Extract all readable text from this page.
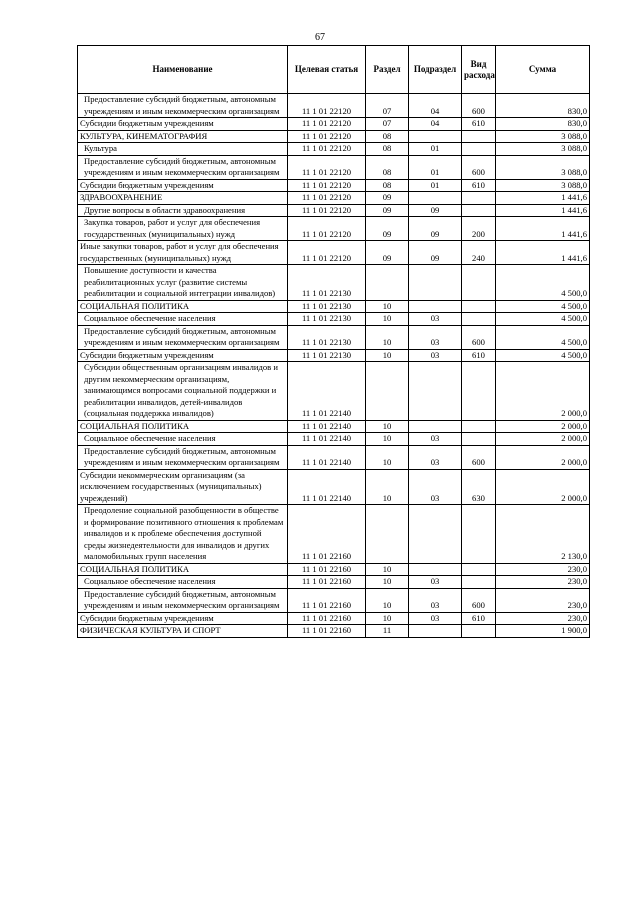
67
Наименование	Целевая статья	Раздел	Подраздел	Вид расхода	Сумма
Предоставление субсидий бюджетным, автономным учреждениям и иным некоммерческим организациям	11 1 01 22120	07	04	600	830,0
Субсидии бюджетным учреждениям	11 1 01 22120	07	04	610	830,0
КУЛЬТУРА, КИНЕМАТОГРАФИЯ	11 1 01 22120	08			3 088,0
Культура	11 1 01 22120	08	01		3 088,0
Предоставление субсидий бюджетным, автономным учреждениям и иным некоммерческим организациям	11 1 01 22120	08	01	600	3 088,0
Субсидии бюджетным учреждениям	11 1 01 22120	08	01	610	3 088,0
ЗДРАВООХРАНЕНИЕ	11 1 01 22120	09			1 441,6
Другие вопросы в области здравоохранения	11 1 01 22120	09	09		1 441,6
Закупка товаров, работ и услуг для обеспечения государственных (муниципальных) нужд	11 1 01 22120	09	09	200	1 441,6
Иные закупки товаров, работ и услуг для обеспечения государственных (муниципальных) нужд	11 1 01 22120	09	09	240	1 441,6
Повышение доступности и качества реабилитационных услуг (развитие системы реабилитации и социальной интеграции инвалидов)	11 1 01 22130				4 500,0
СОЦИАЛЬНАЯ ПОЛИТИКА	11 1 01 22130	10			4 500,0
Социальное обеспечение населения	11 1 01 22130	10	03		4 500,0
Предоставление субсидий бюджетным, автономным учреждениям и иным некоммерческим организациям	11 1 01 22130	10	03	600	4 500,0
Субсидии бюджетным учреждениям	11 1 01 22130	10	03	610	4 500,0
Субсидии общественным организациям инвалидов и другим некоммерческим организациям, занимающимся вопросами социальной поддержки и реабилитации инвалидов, детей-инвалидов (социальная поддержка инвалидов)	11 1 01 22140				2 000,0
СОЦИАЛЬНАЯ ПОЛИТИКА	11 1 01 22140	10			2 000,0
Социальное обеспечение населения	11 1 01 22140	10	03		2 000,0
Предоставление субсидий бюджетным, автономным учреждениям и иным некоммерческим организациям	11 1 01 22140	10	03	600	2 000,0
Субсидии некоммерческим организациям (за исключением государственных (муниципальных) учреждений)	11 1 01 22140	10	03	630	2 000,0
Преодоление социальной разобщенности в обществе и формирование позитивного отношения к проблемам инвалидов и к проблеме обеспечения доступной среды жизнедеятельности для инвалидов и других маломобильных групп населения	11 1 01 22160				2 130,0
СОЦИАЛЬНАЯ ПОЛИТИКА	11 1 01 22160	10			230,0
Социальное обеспечение населения	11 1 01 22160	10	03		230,0
Предоставление субсидий бюджетным, автономным учреждениям и иным некоммерческим организациям	11 1 01 22160	10	03	600	230,0
Субсидии бюджетным учреждениям	11 1 01 22160	10	03	610	230,0
ФИЗИЧЕСКАЯ КУЛЬТУРА И СПОРТ	11 1 01 22160	11			1 900,0
